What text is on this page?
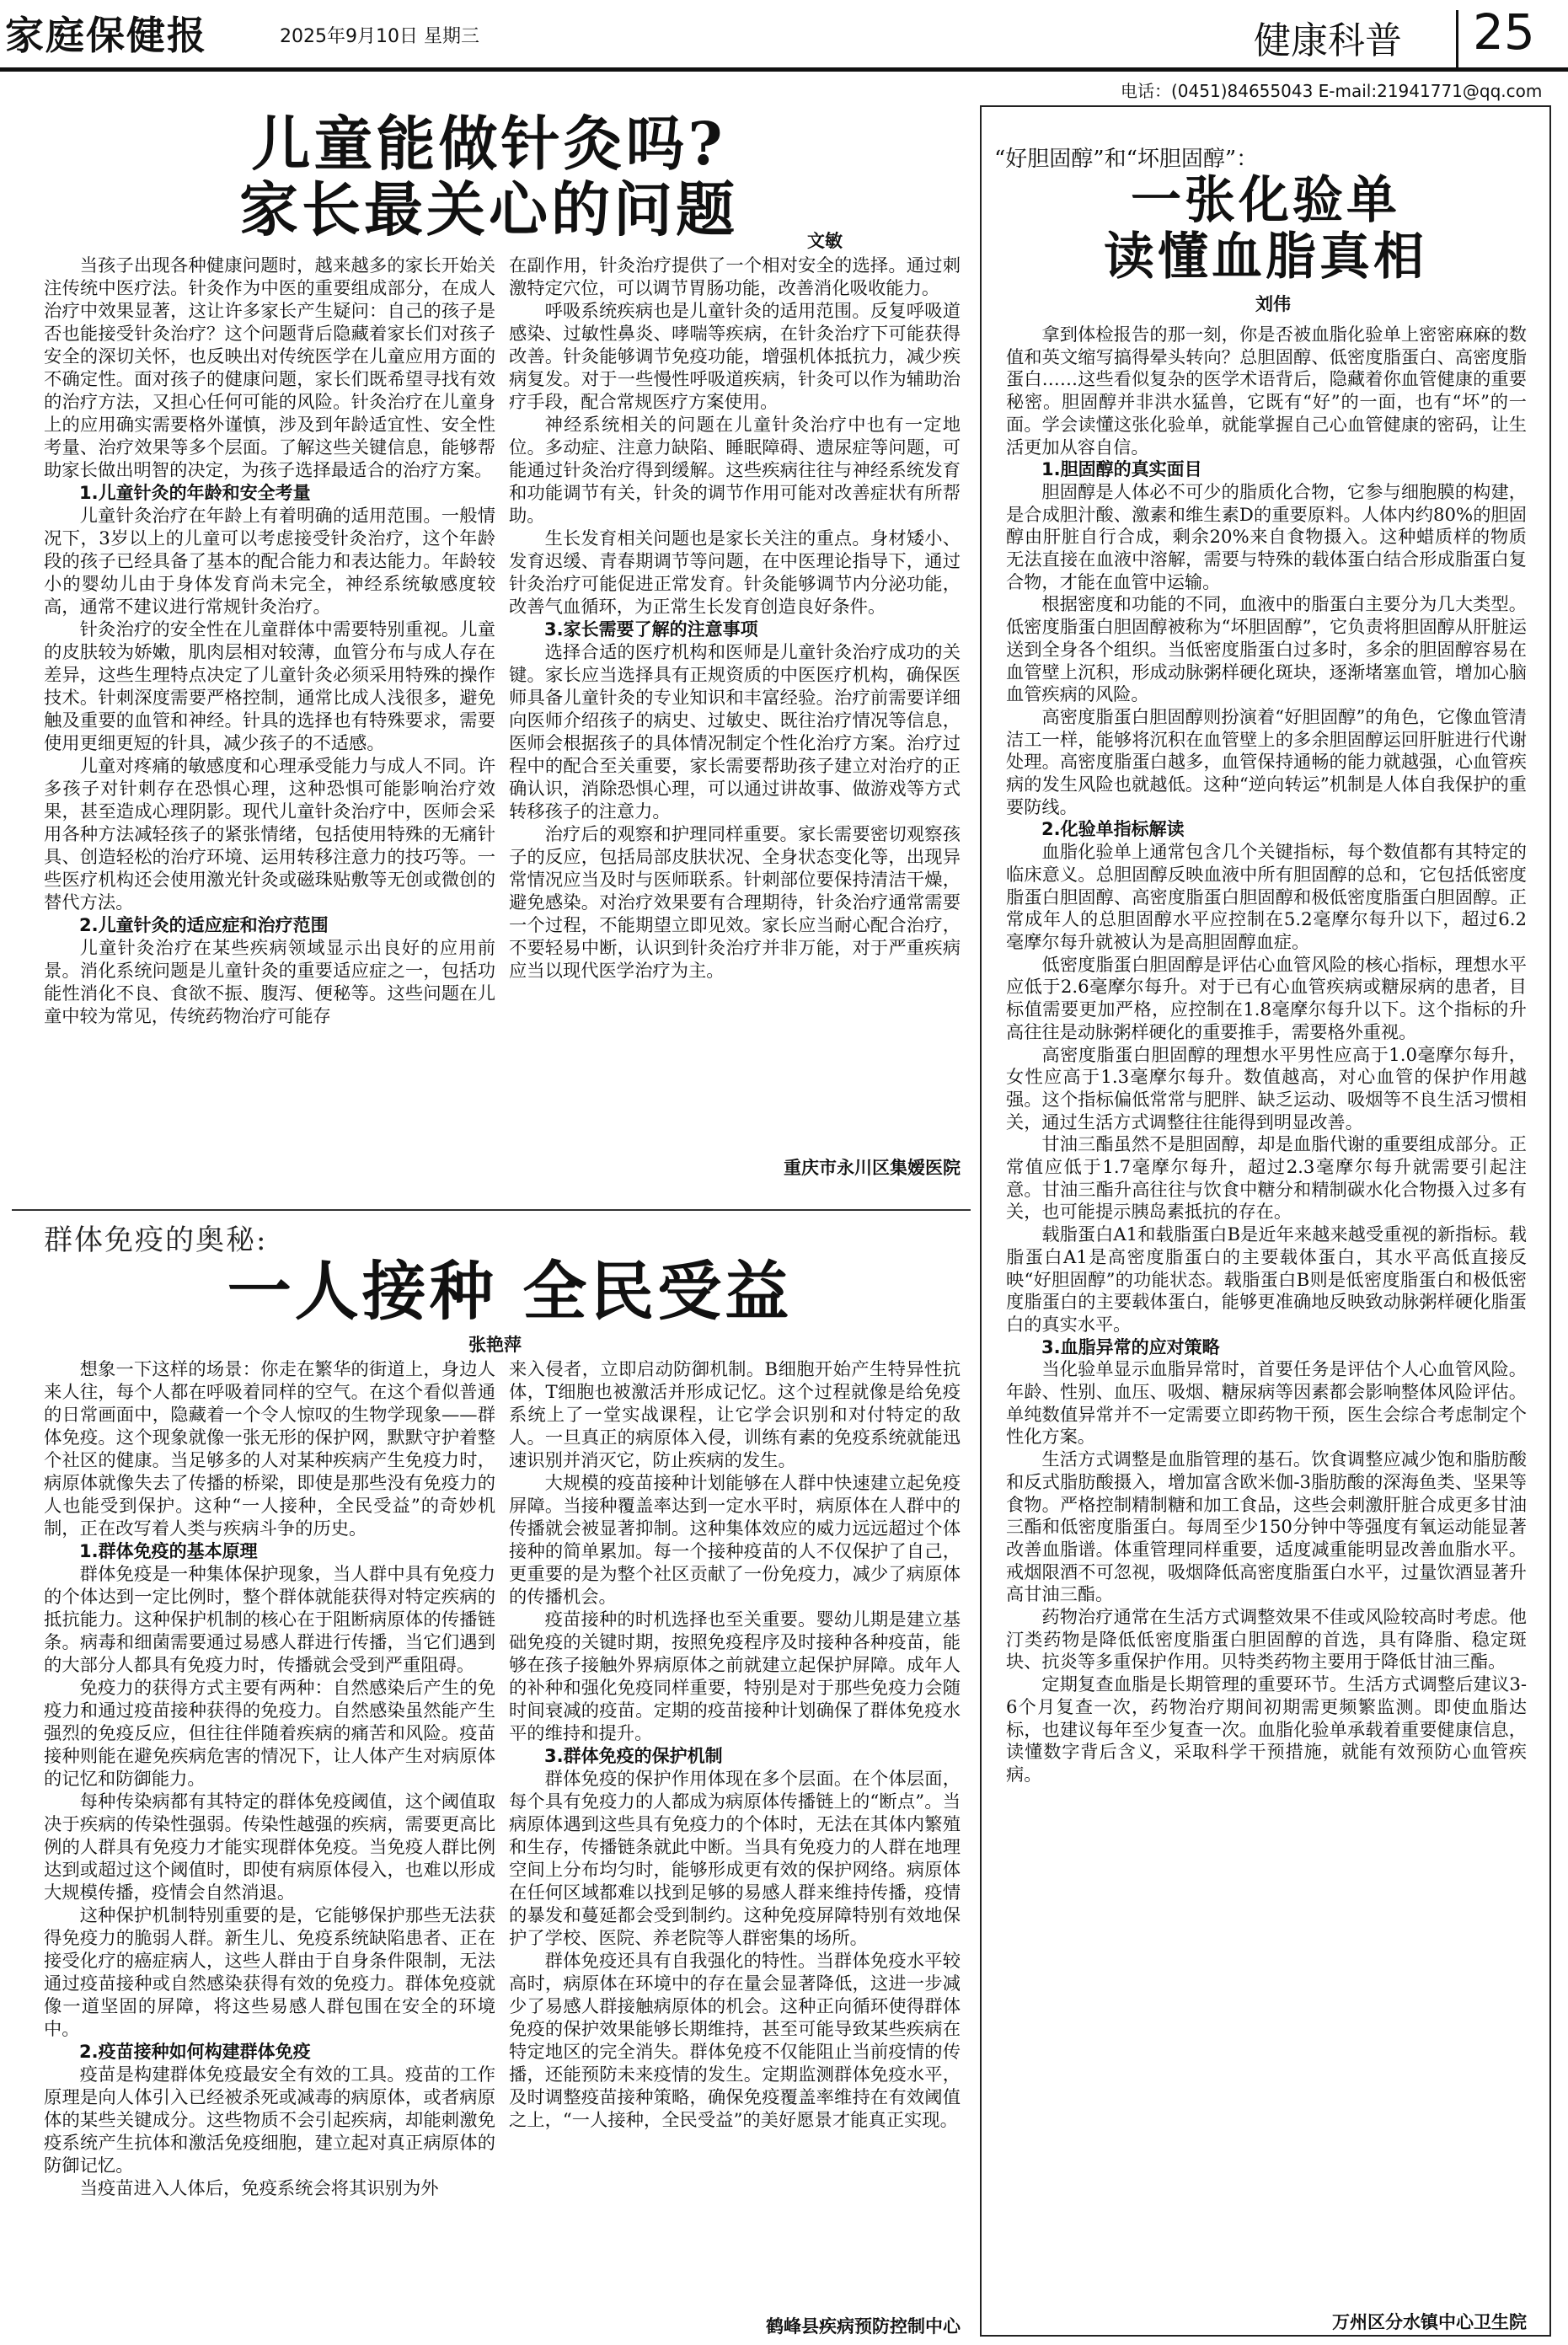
家庭保健报	2025年9月10日 星期三	健康科普 25
电话：(0451)84655043 E-mail:21941771@qq.com
儿童能做针灸吗?
家长最关心的问题	文敏

当孩子出现各种健康问题时，越来越多的家长开始关注传统中医疗法。针灸作为中医的重要组成部分，在成人治疗中效果显著，这让许多家长产生疑问：自己的孩子是否也能接受针灸治疗？这个问题背后隐藏着家长们对孩子安全的深切关怀，也反映出对传统医学在儿童应用方面的不确定性。面对孩子的健康问题，家长们既希望寻找有效的治疗方法，又担心任何可能的风险。针灸治疗在儿童身上的应用确实需要格外谨慎，涉及到年龄适宜性、安全性考量、治疗效果等多个层面。了解这些关键信息，能够帮助家长做出明智的决定，为孩子选择最适合的治疗方案。

1.儿童针灸的年龄和安全考量

儿童针灸治疗在年龄上有着明确的适用范围。一般情况下，3岁以上的儿童可以考虑接受针灸治疗，这个年龄段的孩子已经具备了基本的配合能力和表达能力。年龄较小的婴幼儿由于身体发育尚未完全，神经系统敏感度较高，通常不建议进行常规针灸治疗。

针灸治疗的安全性在儿童群体中需要特别重视。儿童的皮肤较为娇嫩，肌肉层相对较薄，血管分布与成人存在差异，这些生理特点决定了儿童针灸必须采用特殊的操作技术。针刺深度需要严格控制，通常比成人浅很多，避免触及重要的血管和神经。针具的选择也有特殊要求，需要使用更细更短的针具，减少孩子的不适感。

儿童对疼痛的敏感度和心理承受能力与成人不同。许多孩子对针刺存在恐惧心理，这种恐惧可能影响治疗效果，甚至造成心理阴影。现代儿童针灸治疗中，医师会采用各种方法减轻孩子的紧张情绪，包括使用特殊的无痛针具、创造轻松的治疗环境、运用转移注意力的技巧等。一些医疗机构还会使用激光针灸或磁珠贴敷等无创或微创的替代方法。

2.儿童针灸的适应症和治疗范围

儿童针灸治疗在某些疾病领域显示出良好的应用前景。消化系统问题是儿童针灸的重要适应症之一，包括功能性消化不良、食欲不振、腹泻、便秘等。这些问题在儿童中较为常见，传统药物治疗可能存

在副作用，针灸治疗提供了一个相对安全的选择。通过刺激特定穴位，可以调节胃肠功能，改善消化吸收能力。

呼吸系统疾病也是儿童针灸的适用范围。反复呼吸道感染、过敏性鼻炎、哮喘等疾病，在针灸治疗下可能获得改善。针灸能够调节免疫功能，增强机体抵抗力，减少疾病复发。对于一些慢性呼吸道疾病，针灸可以作为辅助治疗手段，配合常规医疗方案使用。

神经系统相关的问题在儿童针灸治疗中也有一定地位。多动症、注意力缺陷、睡眠障碍、遗尿症等问题，可能通过针灸治疗得到缓解。这些疾病往往与神经系统发育和功能调节有关，针灸的调节作用可能对改善症状有所帮助。

生长发育相关问题也是家长关注的重点。身材矮小、发育迟缓、青春期调节等问题，在中医理论指导下，通过针灸治疗可能促进正常发育。针灸能够调节内分泌功能，改善气血循环，为正常生长发育创造良好条件。

3.家长需要了解的注意事项

选择合适的医疗机构和医师是儿童针灸治疗成功的关键。家长应当选择具有正规资质的中医医疗机构，确保医师具备儿童针灸的专业知识和丰富经验。治疗前需要详细向医师介绍孩子的病史、过敏史、既往治疗情况等信息，医师会根据孩子的具体情况制定个性化治疗方案。治疗过程中的配合至关重要，家长需要帮助孩子建立对治疗的正确认识，消除恐惧心理，可以通过讲故事、做游戏等方式转移孩子的注意力。

治疗后的观察和护理同样重要。家长需要密切观察孩子的反应，包括局部皮肤状况、全身状态变化等，出现异常情况应当及时与医师联系。针刺部位要保持清洁干燥，避免感染。对治疗效果要有合理期待，针灸治疗通常需要一个过程，不能期望立即见效。家长应当耐心配合治疗，不要轻易中断，认识到针灸治疗并非万能，对于严重疾病应当以现代医学治疗为主。

重庆市永川区集嫒医院
群体免疫的奥秘:
一人接种 全民受益
张艳萍

想象一下这样的场景：你走在繁华的街道上，身边人来人往，每个人都在呼吸着同样的空气。在这个看似普通的日常画面中，隐藏着一个令人惊叹的生物学现象——群体免疫。这个现象就像一张无形的保护网，默默守护着整个社区的健康。当足够多的人对某种疾病产生免疫力时，病原体就像失去了传播的桥梁，即使是那些没有免疫力的人也能受到保护。这种“一人接种，全民受益”的奇妙机制，正在改写着人类与疾病斗争的历史。

1.群体免疫的基本原理

群体免疫是一种集体保护现象，当人群中具有免疫力的个体达到一定比例时，整个群体就能获得对特定疾病的抵抗能力。这种保护机制的核心在于阻断病原体的传播链条。病毒和细菌需要通过易感人群进行传播，当它们遇到的大部分人都具有免疫力时，传播就会受到严重阻碍。

免疫力的获得方式主要有两种：自然感染后产生的免疫力和通过疫苗接种获得的免疫力。自然感染虽然能产生强烈的免疫反应，但往往伴随着疾病的痛苦和风险。疫苗接种则能在避免疾病危害的情况下，让人体产生对病原体的记忆和防御能力。

每种传染病都有其特定的群体免疫阈值，这个阈值取决于疾病的传染性强弱。传染性越强的疾病，需要更高比例的人群具有免疫力才能实现群体免疫。当免疫人群比例达到或超过这个阈值时，即使有病原体侵入，也难以形成大规模传播，疫情会自然消退。

这种保护机制特别重要的是，它能够保护那些无法获得免疫力的脆弱人群。新生儿、免疫系统缺陷患者、正在接受化疗的癌症病人，这些人群由于自身条件限制，无法通过疫苗接种或自然感染获得有效的免疫力。群体免疫就像一道坚固的屏障，将这些易感人群包围在安全的环境中。

2.疫苗接种如何构建群体免疫

疫苗是构建群体免疫最安全有效的工具。疫苗的工作原理是向人体引入已经被杀死或减毒的病原体，或者病原体的某些关键成分。这些物质不会引起疾病，却能刺激免疫系统产生抗体和激活免疫细胞，建立起对真正病原体的防御记忆。

当疫苗进入人体后，免疫系统会将其识别为外

来入侵者，立即启动防御机制。B细胞开始产生特异性抗体，T细胞也被激活并形成记忆。这个过程就像是给免疫系统上了一堂实战课程，让它学会识别和对付特定的敌人。一旦真正的病原体入侵，训练有素的免疫系统就能迅速识别并消灭它，防止疾病的发生。

大规模的疫苗接种计划能够在人群中快速建立起免疫屏障。当接种覆盖率达到一定水平时，病原体在人群中的传播就会被显著抑制。这种集体效应的威力远远超过个体接种的简单累加。每一个接种疫苗的人不仅保护了自己，更重要的是为整个社区贡献了一份免疫力，减少了病原体的传播机会。

疫苗接种的时机选择也至关重要。婴幼儿期是建立基础免疫的关键时期，按照免疫程序及时接种各种疫苗，能够在孩子接触外界病原体之前就建立起保护屏障。成年人的补种和强化免疫同样重要，特别是对于那些免疫力会随时间衰减的疫苗。定期的疫苗接种计划确保了群体免疫水平的维持和提升。

3.群体免疫的保护机制

群体免疫的保护作用体现在多个层面。在个体层面，每个具有免疫力的人都成为病原体传播链上的“断点”。当病原体遇到这些具有免疫力的个体时，无法在其体内繁殖和生存，传播链条就此中断。当具有免疫力的人群在地理空间上分布均匀时，能够形成更有效的保护网络。病原体在任何区域都难以找到足够的易感人群来维持传播，疫情的暴发和蔓延都会受到制约。这种免疫屏障特别有效地保护了学校、医院、养老院等人群密集的场所。

群体免疫还具有自我强化的特性。当群体免疫水平较高时，病原体在环境中的存在量会显著降低，这进一步减少了易感人群接触病原体的机会。这种正向循环使得群体免疫的保护效果能够长期维持，甚至可能导致某些疾病在特定地区的完全消失。群体免疫不仅能阻止当前疫情的传播，还能预防未来疫情的发生。定期监测群体免疫水平，及时调整疫苗接种策略，确保免疫覆盖率维持在有效阈值之上，“一人接种，全民受益”的美好愿景才能真正实现。

鹤峰县疾病预防控制中心
“好胆固醇”和“坏胆固醇”：
一张化验单
读懂血脂真相
刘伟

拿到体检报告的那一刻，你是否被血脂化验单上密密麻麻的数值和英文缩写搞得晕头转向？总胆固醇、低密度脂蛋白、高密度脂蛋白……这些看似复杂的医学术语背后，隐藏着你血管健康的重要秘密。胆固醇并非洪水猛兽，它既有“好”的一面，也有“坏”的一面。学会读懂这张化验单，就能掌握自己心血管健康的密码，让生活更加从容自信。

1.胆固醇的真实面目

胆固醇是人体必不可少的脂质化合物，它参与细胞膜的构建，是合成胆汁酸、激素和维生素D的重要原料。人体内约80%的胆固醇由肝脏自行合成，剩余20%来自食物摄入。这种蜡质样的物质无法直接在血液中溶解，需要与特殊的载体蛋白结合形成脂蛋白复合物，才能在血管中运输。

根据密度和功能的不同，血液中的脂蛋白主要分为几大类型。低密度脂蛋白胆固醇被称为“坏胆固醇”，它负责将胆固醇从肝脏运送到全身各个组织。当低密度脂蛋白过多时，多余的胆固醇容易在血管壁上沉积，形成动脉粥样硬化斑块，逐渐堵塞血管，增加心脑血管疾病的风险。

高密度脂蛋白胆固醇则扮演着“好胆固醇”的角色，它像血管清洁工一样，能够将沉积在血管壁上的多余胆固醇运回肝脏进行代谢处理。高密度脂蛋白越多，血管保持通畅的能力就越强，心血管疾病的发生风险也就越低。这种“逆向转运”机制是人体自我保护的重要防线。

2.化验单指标解读

血脂化验单上通常包含几个关键指标，每个数值都有其特定的临床意义。总胆固醇反映血液中所有胆固醇的总和，它包括低密度脂蛋白胆固醇、高密度脂蛋白胆固醇和极低密度脂蛋白胆固醇。正常成年人的总胆固醇水平应控制在5.2毫摩尔每升以下，超过6.2毫摩尔每升就被认为是高胆固醇血症。

低密度脂蛋白胆固醇是评估心血管风险的核心指标，理想水平应低于2.6毫摩尔每升。对于已有心血管疾病或糖尿病的患者，目标值需要更加严格，应控制在1.8毫摩尔每升以下。这个指标的升高往往是动脉粥样硬化的重要推手，需要格外重视。

高密度脂蛋白胆固醇的理想水平男性应高于1.0毫摩尔每升，女性应高于1.3毫摩尔每升。数值越高，对心血管的保护作用越强。这个指标偏低常常与肥胖、缺乏运动、吸烟等不良生活习惯相关，通过生活方式调整往往能得到明显改善。

甘油三酯虽然不是胆固醇，却是血脂代谢的重要组成部分。正常值应低于1.7毫摩尔每升，超过2.3毫摩尔每升就需要引起注意。甘油三酯升高往往与饮食中糖分和精制碳水化合物摄入过多有关，也可能提示胰岛素抵抗的存在。

载脂蛋白A1和载脂蛋白B是近年来越来越受重视的新指标。载脂蛋白A1是高密度脂蛋白的主要载体蛋白，其水平高低直接反映“好胆固醇”的功能状态。载脂蛋白B则是低密度脂蛋白和极低密度脂蛋白的主要载体蛋白，能够更准确地反映致动脉粥样硬化脂蛋白的真实水平。

3.血脂异常的应对策略

当化验单显示血脂异常时，首要任务是评估个人心血管风险。年龄、性别、血压、吸烟、糖尿病等因素都会影响整体风险评估。单纯数值异常并不一定需要立即药物干预，医生会综合考虑制定个性化方案。

生活方式调整是血脂管理的基石。饮食调整应减少饱和脂肪酸和反式脂肪酸摄入，增加富含欧米伽-3脂肪酸的深海鱼类、坚果等食物。严格控制精制糖和加工食品，这些会刺激肝脏合成更多甘油三酯和低密度脂蛋白。每周至少150分钟中等强度有氧运动能显著改善血脂谱。体重管理同样重要，适度减重能明显改善血脂水平。戒烟限酒不可忽视，吸烟降低高密度脂蛋白水平，过量饮酒显著升高甘油三酯。

药物治疗通常在生活方式调整效果不佳或风险较高时考虑。他汀类药物是降低低密度脂蛋白胆固醇的首选，具有降脂、稳定斑块、抗炎等多重保护作用。贝特类药物主要用于降低甘油三酯。

定期复查血脂是长期管理的重要环节。生活方式调整后建议3-6个月复查一次，药物治疗期间初期需更频繁监测。即使血脂达标，也建议每年至少复查一次。血脂化验单承载着重要健康信息，读懂数字背后含义，采取科学干预措施，就能有效预防心血管疾病。

万州区分水镇中心卫生院
